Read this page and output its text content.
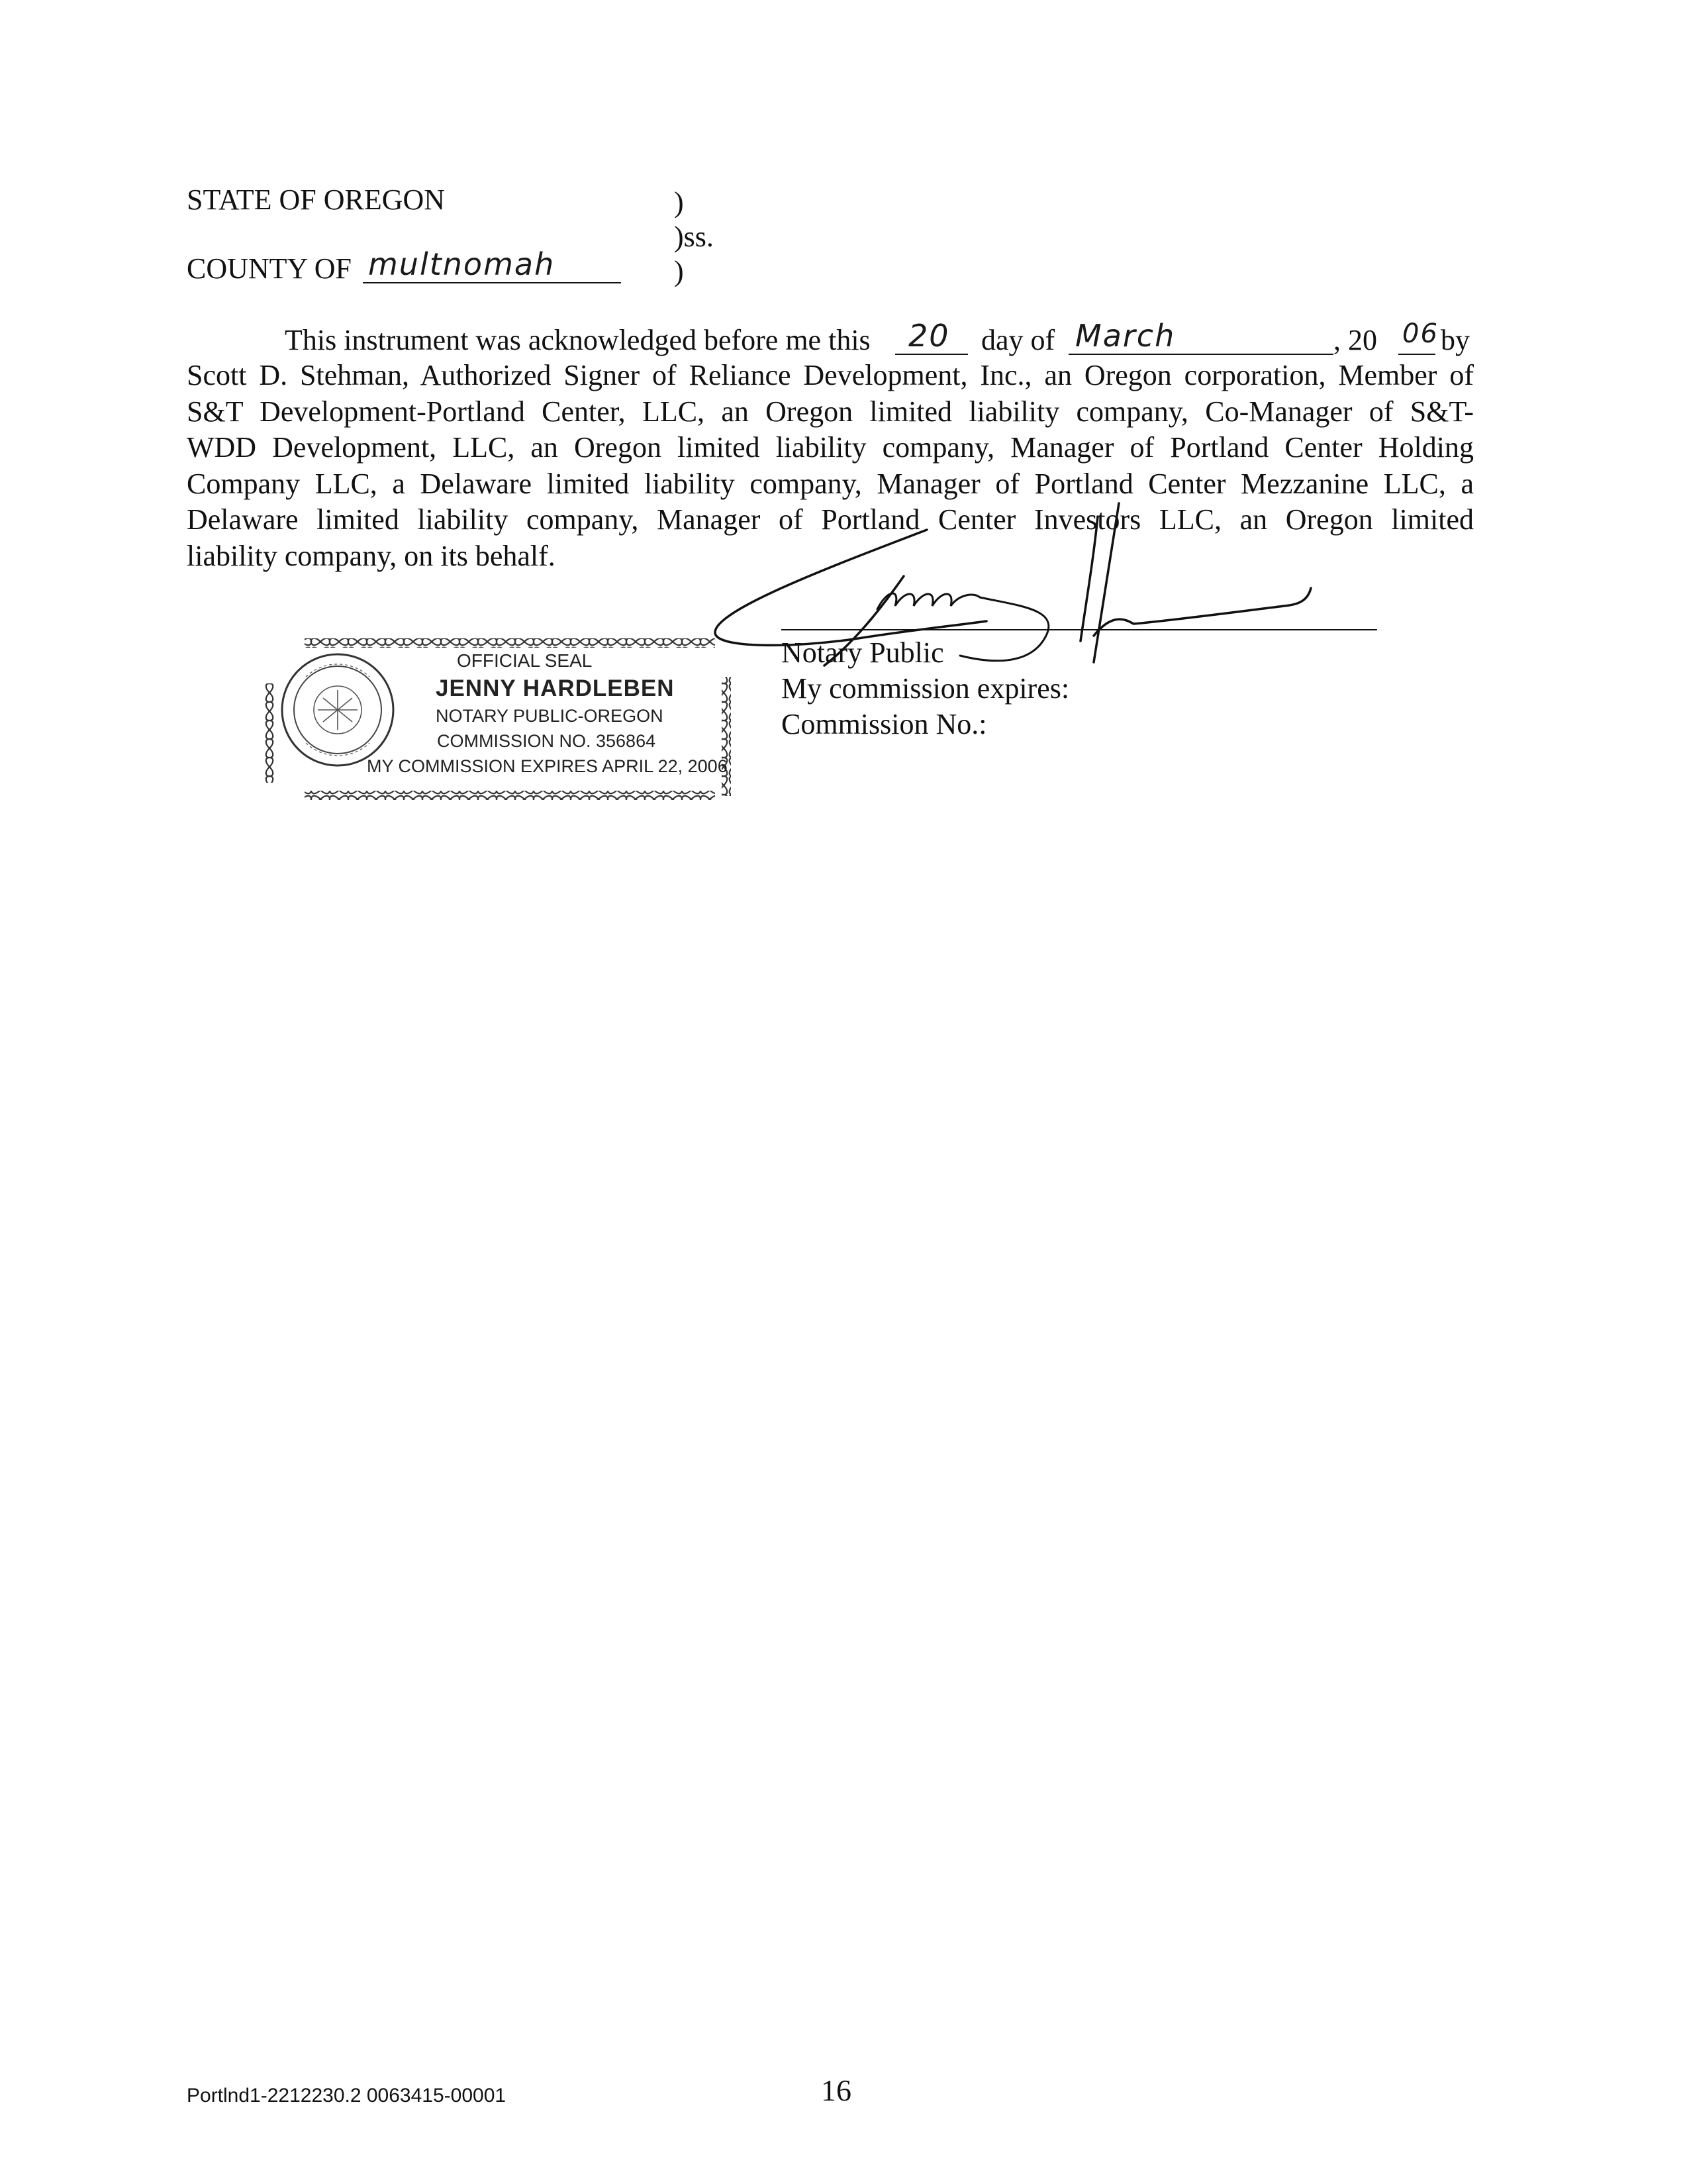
STATE OF OREGON	)
)ss.
COUNTY OF multnomah	)
This instrument was acknowledged before me this 20 day of March	, 20 06 by
Scott D. Stehman, Authorized Signer of Reliance Development, Inc., an Oregon corporation, Member of
S&T Development-Portland Center, LLC, an Oregon limited liability company, Co-Manager of S&T-
WDD Development, LLC, an Oregon limited liability company, Manager of Portland Center Holding
Company LLC, a Delaware limited liability company, Manager of Portland Center Mezzanine LLC, a
Delaware limited liability company, Manager of Portland Center Investors LLC, an Oregon limited
liability company, on its behalf.
Notary Public
My commission expires:
Commission No.:
OFFICIAL SEAL
JENNY HARDLEBEN
NOTARY PUBLIC-OREGON
COMMISSION NO. 356864
MY COMMISSION EXPIRES APRIL 22, 2006
Portlnd1-2212230.2 0063415-00001	16
